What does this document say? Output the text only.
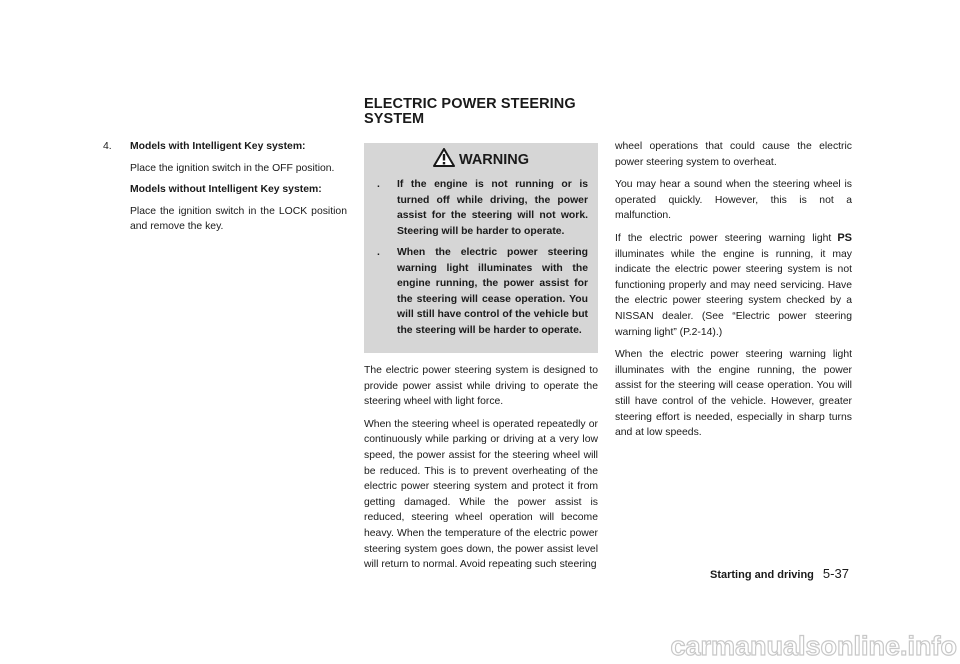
ELECTRIC POWER STEERING SYSTEM
4.	Models with Intelligent Key system:

Place the ignition switch in the OFF position.

Models without Intelligent Key system:

Place the ignition switch in the LOCK position and remove the key.

WARNING
.	If the engine is not running or is turned off while driving, the power assist for the steering will not work. Steering will be harder to operate.
.	When the electric power steering warning light illuminates with the engine running, the power assist for the steering will cease operation. You will still have control of the vehicle but the steering will be harder to operate.

The electric power steering system is designed to provide power assist while driving to operate the steering wheel with light force.

When the steering wheel is operated repeatedly or continuously while parking or driving at a very low speed, the power assist for the steering wheel will be reduced. This is to prevent overheating of the electric power steering system and protect it from getting damaged. While the power assist is reduced, steering wheel operation will become heavy. When the temperature of the electric power steering system goes down, the power assist level will return to normal. Avoid repeating such steering

wheel operations that could cause the electric power steering system to overheat.

You may hear a sound when the steering wheel is operated quickly. However, this is not a malfunction.

If the electric power steering warning light PS illuminates while the engine is running, it may indicate the electric power steering system is not functioning properly and may need servicing. Have the electric power steering system checked by a NISSAN dealer. (See “Electric power steering warning light” (P.2-14).)

When the electric power steering warning light illuminates with the engine running, the power assist for the steering will cease operation. You will still have control of the vehicle. However, greater steering effort is needed, especially in sharp turns and at low speeds.

Starting and driving 5-37
carmanualsonline.info
